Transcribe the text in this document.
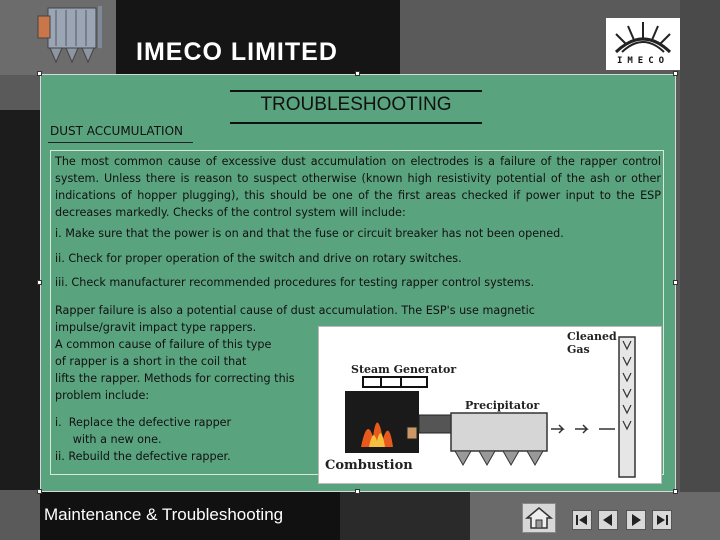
IMECO LIMITED	IMECO
TROUBLESHOOTING
DUST ACCUMULATION
The most common cause of excessive dust accumulation on electrodes is a failure of the rapper control system. Unless there is reason to suspect otherwise (known high resistivity potential of the ash or other indications of hopper plugging), this should be one of the first areas checked if power input to the ESP decreases markedly. Checks of the control system will include:
i. Make sure that the power is on and that the fuse or circuit breaker has not been opened.
ii. Check for proper operation of the switch and drive on rotary switches.
iii. Check manufacturer recommended procedures for testing rapper control systems.
Rapper failure is also a potential cause of dust accumulation. The ESP's use magnetic
impulse/gravit impact type rappers.
A common cause of failure of this type
of rapper is a short in the coil that
lifts the rapper. Methods for correcting this
problem include:
i.  Replace the defective rapper
with a new one.
ii. Rebuild the defective rapper.
Cleaned
Gas
Steam Generator
Precipitator
Combustion
Maintenance & Troubleshooting
